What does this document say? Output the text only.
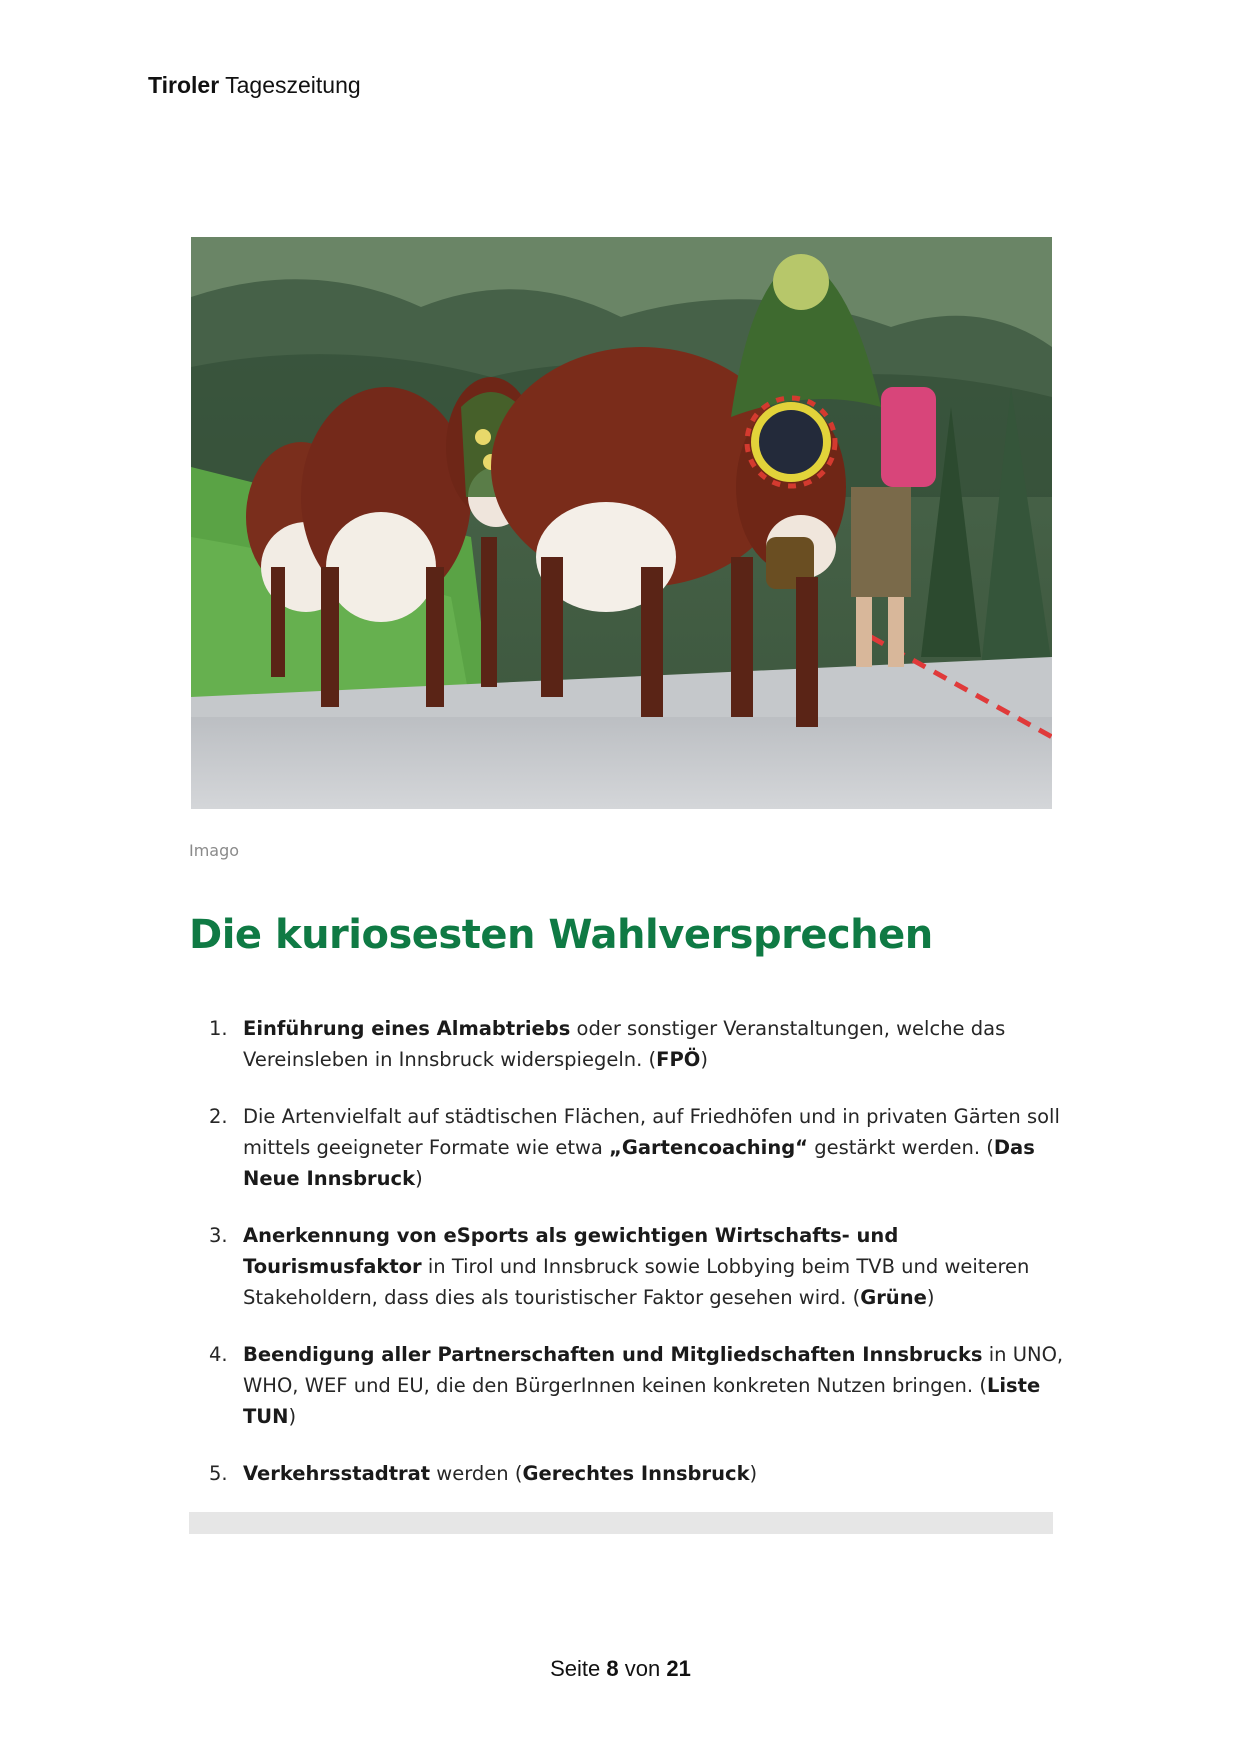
Tiroler Tageszeitung
Imago
Die kuriosesten Wahlversprechen
1. Einführung eines Almabtriebs oder sonstiger Veranstaltungen, welche das Vereinsleben in Innsbruck widerspiegeln. (FPÖ)
2. Die Artenvielfalt auf städtischen Flächen, auf Friedhöfen und in privaten Gärten soll mittels geeigneter Formate wie etwa „Gartencoaching“ gestärkt werden. (Das Neue Innsbruck)
3. Anerkennung von eSports als gewichtigen Wirtschafts- und Tourismusfaktor in Tirol und Innsbruck sowie Lobbying beim TVB und weiteren Stakeholdern, dass dies als touristischer Faktor gesehen wird. (Grüne)
4. Beendigung aller Partnerschaften und Mitgliedschaften Innsbrucks in UNO, WHO, WEF und EU, die den BürgerInnen keinen konkreten Nutzen bringen. (Liste TUN)
5. Verkehrsstadtrat werden (Gerechtes Innsbruck)
Seite 8 von 21
